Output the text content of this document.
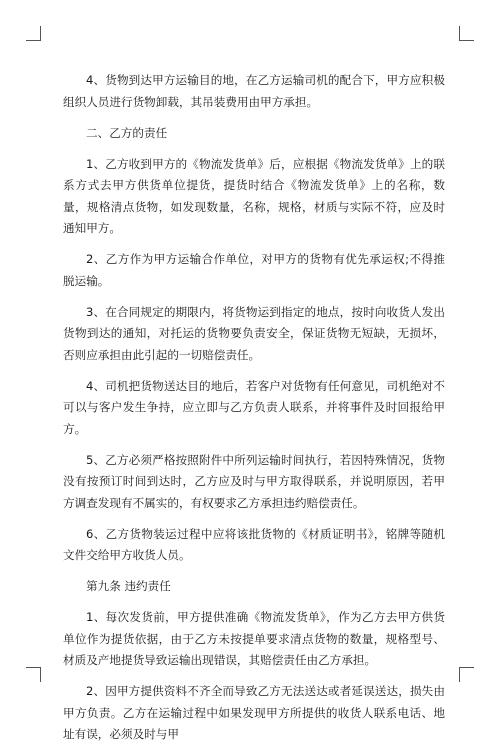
4、货物到达甲方运输目的地，在乙方运输司机的配合下，甲方应积极组织人员进行货物卸载，其吊装费用由甲方承担。

二、乙方的责任

1、乙方收到甲方的《物流发货单》后，应根据《物流发货单》上的联系方式去甲方供货单位提货，提货时结合《物流发货单》上的名称，数量，规格清点货物，如发现数量，名称，规格，材质与实际不符，应及时通知甲方。

2、乙方作为甲方运输合作单位，对甲方的货物有优先承运权;不得推脱运输。

3、在合同规定的期限内，将货物运到指定的地点，按时向收货人发出货物到达的通知，对托运的货物要负责安全，保证货物无短缺，无损坏，否则应承担由此引起的一切赔偿责任。

4、司机把货物送达目的地后，若客户对货物有任何意见，司机绝对不可以与客户发生争持，应立即与乙方负责人联系，并将事件及时回报给甲方。

5、乙方必须严格按照附件中所列运输时间执行，若因特殊情况，货物没有按预订时间到达时，乙方应及时与甲方取得联系，并说明原因，若甲方调查发现有不属实的，有权要求乙方承担违约赔偿责任。

6、乙方货物装运过程中应将该批货物的《材质证明书》，铭牌等随机文件交给甲方收货人员。

第九条 违约责任

1、每次发货前，甲方提供准确《物流发货单》，作为乙方去甲方供货单位作为提货依据，由于乙方未按提单要求清点货物的数量，规格型号、材质及产地提货导致运输出现错误，其赔偿责任由乙方承担。

2、因甲方提供资料不齐全而导致乙方无法送达或者延误送达，损失由甲方负责。乙方在运输过程中如果发现甲方所提供的收货人联系电话、地址有误，必须及时与甲
